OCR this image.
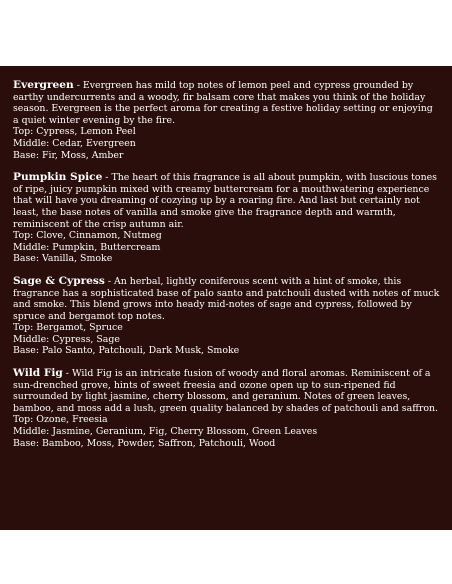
Evergreen - Evergreen has mild top notes of lemon peel and cypress grounded by earthy undercurrents and a woody, fir balsam core that makes you think of the holiday season. Evergreen is the perfect aroma for creating a festive holiday setting or enjoying a quiet winter evening by the fire.
Top: Cypress, Lemon Peel
Middle: Cedar, Evergreen
Base: Fir, Moss, Amber
Pumpkin Spice - The heart of this fragrance is all about pumpkin, with luscious tones of ripe, juicy pumpkin mixed with creamy buttercream for a mouthwatering experience that will have you dreaming of cozying up by a roaring fire. And last but certainly not least, the base notes of vanilla and smoke give the fragrance depth and warmth, reminiscent of the crisp autumn air.
Top: Clove, Cinnamon, Nutmeg
Middle: Pumpkin, Buttercream
Base: Vanilla, Smoke
Sage & Cypress - An herbal, lightly coniferous scent with a hint of smoke, this fragrance has a sophisticated base of palo santo and patchouli dusted with notes of muck and smoke. This blend grows into heady mid-notes of sage and cypress, followed by spruce and bergamot top notes.
Top: Bergamot, Spruce
Middle: Cypress, Sage
Base: Palo Santo, Patchouli, Dark Musk, Smoke
Wild Fig - Wild Fig is an intricate fusion of woody and floral aromas. Reminiscent of a sun-drenched grove, hints of sweet freesia and ozone open up to sun-ripened fid surrounded by light jasmine, cherry blossom, and geranium. Notes of green leaves, bamboo, and moss add a lush, green quality balanced by shades of patchouli and saffron.
Top: Ozone, Freesia
Middle: Jasmine, Geranium, Fig, Cherry Blossom, Green Leaves
Base: Bamboo, Moss, Powder, Saffron, Patchouli, Wood
